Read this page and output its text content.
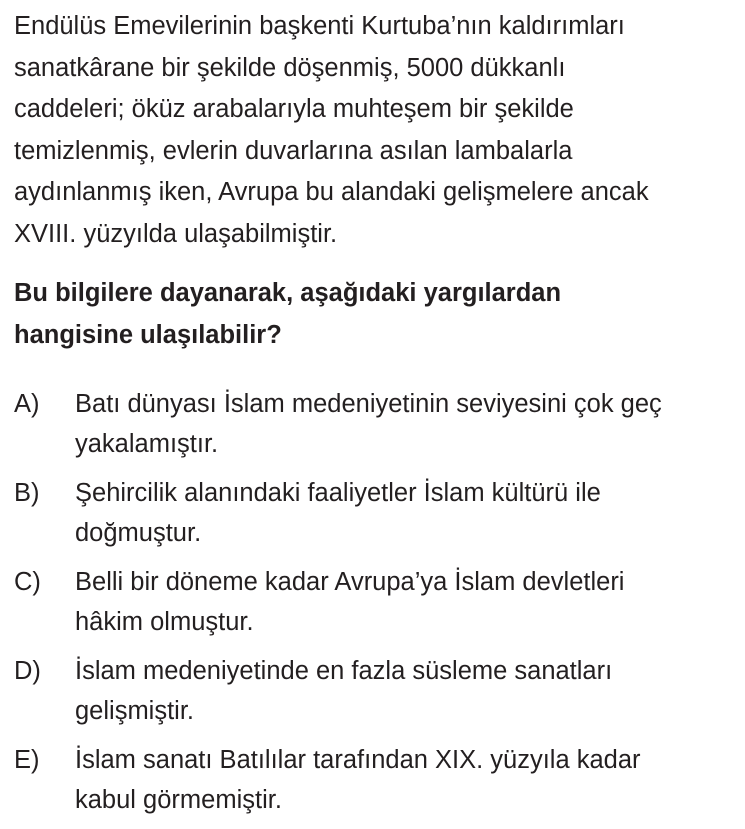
Endülüs Emevilerinin başkenti Kurtuba’nın kaldırımları
sanatkârane bir şekilde döşenmiş, 5000 dükkanlı
caddeleri; öküz arabalarıyla muhteşem bir şekilde
temizlenmiş, evlerin duvarlarına asılan lambalarla
aydınlanmış iken, Avrupa bu alandaki gelişmelere ancak
XVIII. yüzyılda ulaşabilmiştir.

Bu bilgilere dayanarak, aşağıdaki yargılardan
hangisine ulaşılabilir?
A) Batı dünyası İslam medeniyetinin seviyesini çok geç
yakalamıştır.
B) Şehircilik alanındaki faaliyetler İslam kültürü ile
doğmuştur.
C) Belli bir döneme kadar Avrupa’ya İslam devletleri
hâkim olmuştur.
D) İslam medeniyetinde en fazla süsleme sanatları
gelişmiştir.
E) İslam sanatı Batılılar tarafından XIX. yüzyıla kadar
kabul görmemiştir.
